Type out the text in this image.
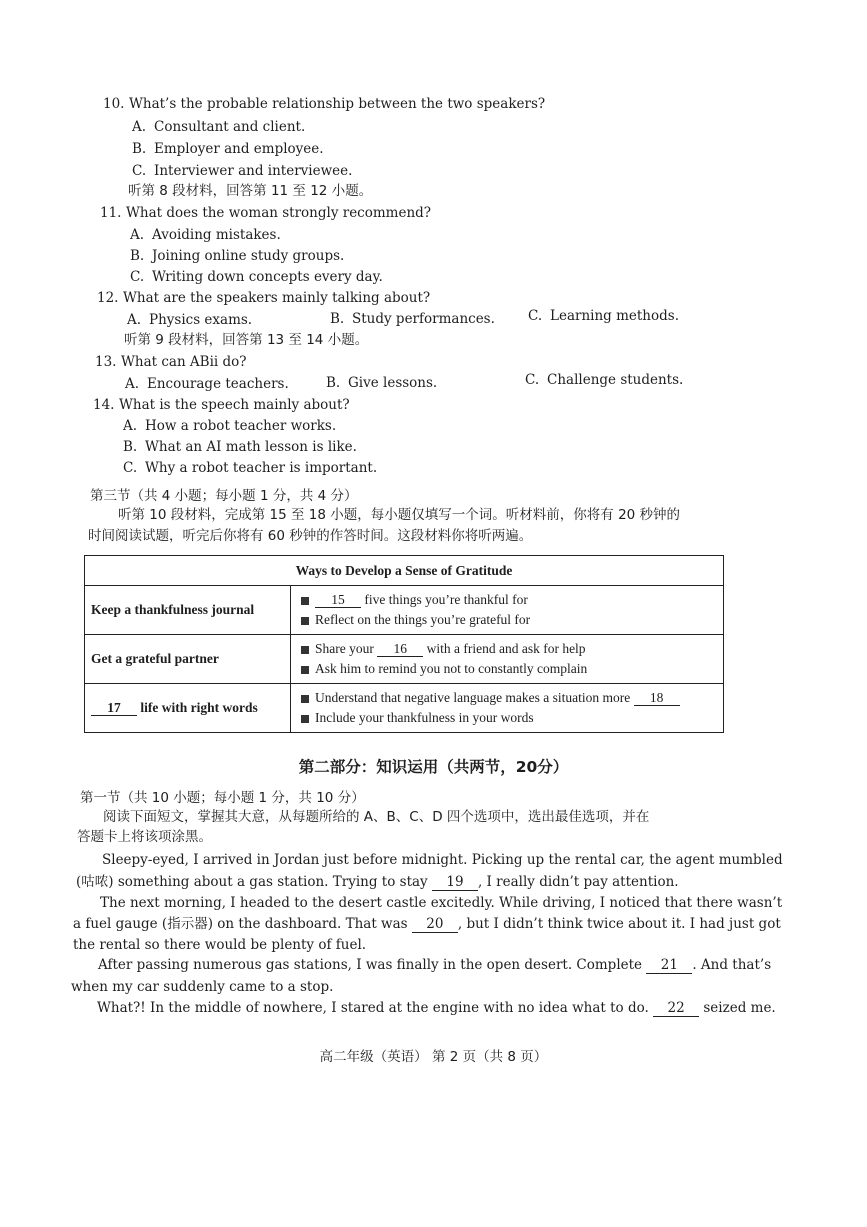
10. What’s the probable relationship between the two speakers?
A. Consultant and client.
B. Employer and employee.
C. Interviewer and interviewee.
听第 8 段材料，回答第 11 至 12 小题。
11. What does the woman strongly recommend?
A. Avoiding mistakes.
B. Joining online study groups.
C. Writing down concepts every day.
12. What are the speakers mainly talking about?
A. Physics exams.	B. Study performances. C. Learning methods.
听第 9 段材料，回答第 13 至 14 小题。
13. What can ABii do?
A. Encourage teachers.	B. Give lessons.	C. Challenge students.
14. What is the speech mainly about?
A. How a robot teacher works.
B. What an AI math lesson is like.
C. Why a robot teacher is important.
第三节（共 4 小题；每小题 1 分，共 4 分）
听第 10 段材料，完成第 15 至 18 小题，每小题仅填写一个词。听材料前，你将有 20 秒钟的
时间阅读试题，听完后你将有 60 秒钟的作答时间。这段材料你将听两遍。
Ways to Develop a Sense of Gratitude	
Keep a thankfulness journal	15 five things you’re thankful for
Reflect on the things you’re grateful for

Get a grateful partner	Share your 16 with a friend and ask for help
Ask him to remind you not to constantly complain

17 life with right words	Understand that negative language makes a situation more 18
Include your thankfulness in your words
第二部分：知识运用（共两节，20分）
第一节（共 10 小题；每小题 1 分，共 10 分）
阅读下面短文，掌握其大意，从每题所给的 A、B、C、D 四个选项中，选出最佳选项，并在
答题卡上将该项涂黑。
Sleepy-eyed, I arrived in Jordan just before midnight. Picking up the rental car, the agent mumbled
(咕哝) something about a gas station. Trying to stay 19 , I really didn’t pay attention.
The next morning, I headed to the desert castle excitedly. While driving, I noticed that there wasn’t
a fuel gauge (指示器) on the dashboard. That was 20 , but I didn’t think twice about it. I had just got
the rental so there would be plenty of fuel.
After passing numerous gas stations, I was finally in the open desert. Complete 21 . And that’s
when my car suddenly came to a stop.
What?! In the middle of nowhere, I stared at the engine with no idea what to do. 22 seized me.
高二年级（英语） 第 2 页（共 8 页）
